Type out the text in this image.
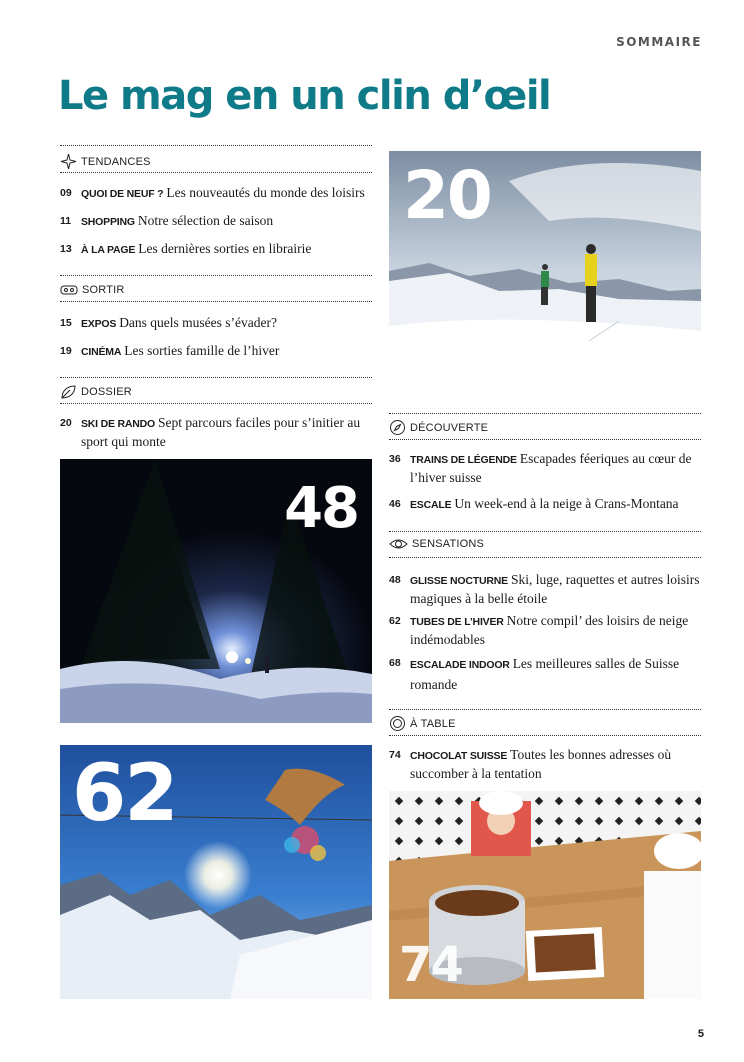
SOMMAIRE
Le mag en un clin d’œil
TENDANCES
09 QUOI DE NEUF ? Les nouveautés du monde des loisirs
11 SHOPPING Notre sélection de saison
13 À LA PAGE Les dernières sorties en librairie
SORTIR
15 EXPOS Dans quels musées s’évader?
19 CINÉMA Les sorties famille de l’hiver
DOSSIER
20 SKI DE RANDO Sept parcours faciles pour s’initier au sport qui monte
48
62
20
DÉCOUVERTE
36 TRAINS DE LÉGENDE Escapades féeriques au cœur de l’hiver suisse
46 ESCALE Un week-end à la neige à Crans-Montana
SENSATIONS
48 GLISSE NOCTURNE Ski, luge, raquettes et autres loisirs magiques à la belle étoile
62 TUBES DE L’HIVER Notre compil’ des loisirs de neige indémodables
68 ESCALADE INDOOR Les meilleures salles de Suisse romande
À TABLE
74 CHOCOLAT SUISSE Toutes les bonnes adresses où succomber à la tentation
74
5
